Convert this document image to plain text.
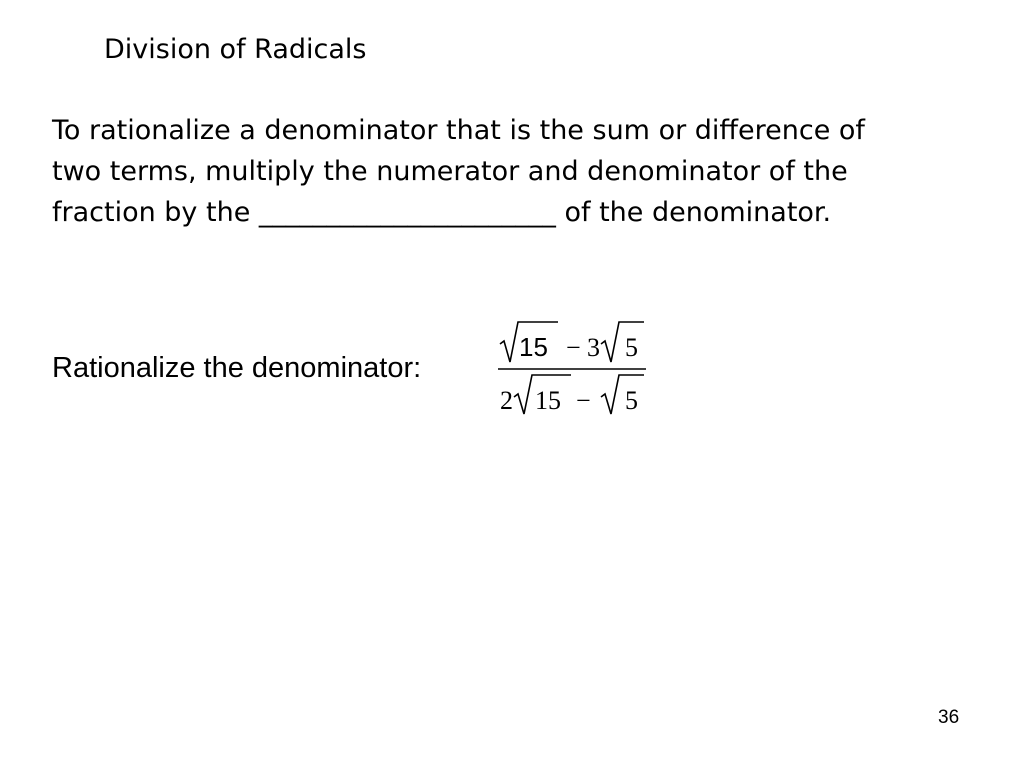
Division of Radicals
To rationalize a denominator that is the sum or difference of
two terms, multiply the numerator and denominator of the
fraction by the ______________________ of the denominator.
Rationalize the denominator:
15 − 3 5
2 15 − 5
36
